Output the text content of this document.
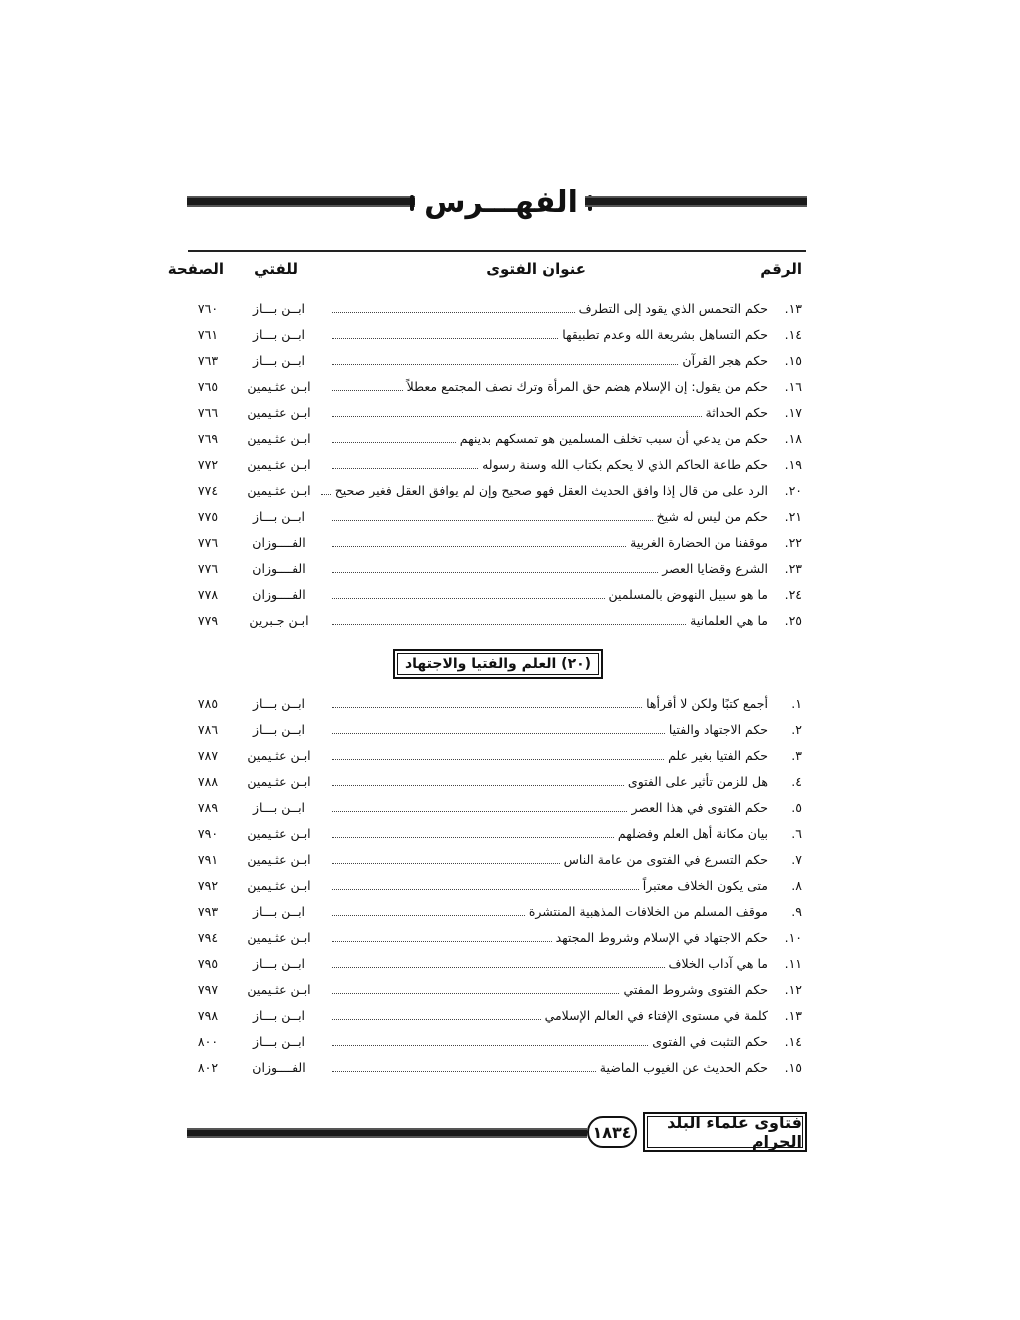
الفهـــرس
الرقم
عنوان الفتوى
للفتي
الصفحة
١٣.
حكم التحمس الذي يقود إلى التطرف
ابــن بـــاز
٧٦٠
١٤.
حكم التساهل بشريعة الله وعدم تطبيقها
ابــن بـــاز
٧٦١
١٥.
حكم هجر القرآن
ابــن بـــاز
٧٦٣
١٦.
حكم من يقول: إن الإسلام هضم حق المرأة وترك نصف المجتمع معطلاً
ابـن عثـيمين
٧٦٥
١٧.
حكم الحداثة
ابـن عثـيمين
٧٦٦
١٨.
حكم من يدعي أن سبب تخلف المسلمين هو تمسكهم بدينهم
ابـن عثـيمين
٧٦٩
١٩.
حكم طاعة الحاكم الذي لا يحكم بكتاب الله وسنة رسوله
ابـن عثـيمين
٧٧٢
٢٠.
الرد على من قال إذا وافق الحديث العقل فهو صحيح وإن لم يوافق العقل فغير صحيح
ابـن عثـيمين
٧٧٤
٢١.
حكم من ليس له شيخ
ابــن بـــاز
٧٧٥
٢٢.
موقفنا من الحضارة الغربية
الفــــوزان
٧٧٦
٢٣.
الشرع وقضايا العصر
الفــــوزان
٧٧٦
٢٤.
ما هو سبيل النهوض بالمسلمين
الفــــوزان
٧٧٨
٢٥.
ما هي العلمانية
ابـن جـبرين
٧٧٩
(٢٠) العلم والفتيا والاجتهاد
١.
أجمع كتبًا ولكن لا أقرأها
ابــن بـــاز
٧٨٥
٢.
حكم الاجتهاد والفتيا
ابــن بـــاز
٧٨٦
٣.
حكم الفتيا بغير علم
ابـن عثـيمين
٧٨٧
٤.
هل للزمن تأثير على الفتوى
ابـن عثـيمين
٧٨٨
٥.
حكم الفتوى في هذا العصر
ابــن بـــاز
٧٨٩
٦.
بيان مكانة أهل العلم وفضلهم
ابـن عثـيمين
٧٩٠
٧.
حكم التسرع في الفتوى من عامة الناس
ابـن عثـيمين
٧٩١
٨.
متى يكون الخلاف معتبراً
ابـن عثـيمين
٧٩٢
٩.
موقف المسلم من الخلافات المذهبية المنتشرة
ابــن بـــاز
٧٩٣
١٠.
حكم الاجتهاد في الإسلام وشروط المجتهد
ابـن عثـيمين
٧٩٤
١١.
ما هي آداب الخلاف
ابــن بـــاز
٧٩٥
١٢.
حكم الفتوى وشروط المفتي
ابـن عثـيمين
٧٩٧
١٣.
كلمة في مستوى الإفتاء في العالم الإسلامي
ابــن بـــاز
٧٩٨
١٤.
حكم التثبت في الفتوى
ابــن بـــاز
٨٠٠
١٥.
حكم الحديث عن الغيوب الماضية
الفــــوزان
٨٠٢
١٨٣٤	فتاوى علماء البلد الحرام
